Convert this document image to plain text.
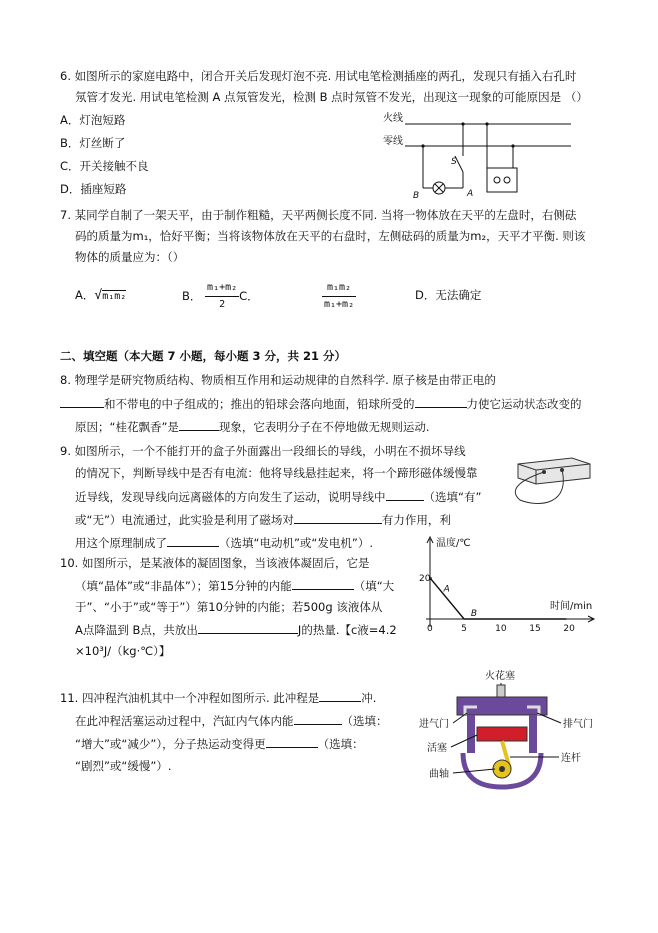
6. 如图所示的家庭电路中，闭合开关后发现灯泡不亮. 用试电笔检测插座的两孔，发现只有插入右孔时
氖管才发光. 用试电笔检测 A 点氖管发光，检测 B 点时氖管不发光，出现这一现象的可能原因是 （）
A．灯泡短路
B．灯丝断了
C．开关接触不良
D．插座短路
火线
零线
S
A
B
7. 某同学自制了一架天平，由于制作粗糙，天平两侧长度不同. 当将一物体放在天平的左盘时，右侧砝
码的质量为m₁，恰好平衡；当将该物体放在天平的右盘时，左侧砝码的质量为m₂，天平才平衡. 则该
物体的质量应为：（）
A．√m₁m₂	B． $\frac{\text{m₁+m₂}}{2}$ C．	$\frac{\text{m₁m₂}}{\text{m₁+m₂}}$	D．无法确定
二、填空题（本大题 7 小题，每小题 3 分，共 21 分）
8. 物理学是研究物质结构、物质相互作用和运动规律的自然科学. 原子核是由带正电的
和不带电的中子组成的；推出的铅球会落向地面，铅球所受的	力使它运动状态改变的
原因；“桂花飘香”是	现象，它表明分子在不停地做无规则运动.
9. 如图所示，一个不能打开的盒子外面露出一段细长的导线，小明在不损坏导线
的情况下，判断导线中是否有电流：他将导线悬挂起来，将一个蹄形磁体缓慢靠
近导线，发现导线向远离磁体的方向发生了运动，说明导线中	（选填“有”
或“无”）电流通过，此实验是利用了磁场对	有力作用，利
用这个原理制成了	（选填“电动机”或“发电机”）.
10. 如图所示，是某液体的凝固图象，当该液体凝固后，它是
（填“晶体”或“非晶体”）；第15分钟的内能	（填“大
于”、“小于”或“等于”）第10分钟的内能；若500g 该液体从
A点降温到 B点，共放出	J的热量.【c液=4.2
×10³J/（kg·℃）】
温度/℃
时间/min
0	5	10	15	20
20
A
B
11. 四冲程汽油机其中一个冲程如图所示. 此冲程是	冲.
在此冲程活塞运动过程中，汽缸内气体内能	（选填：
“增大”或“减少”），分子热运动变得更	（选填：
“剧烈”或“缓慢”）.
火花塞
进气门	排气门
活塞
连杆
曲轴
